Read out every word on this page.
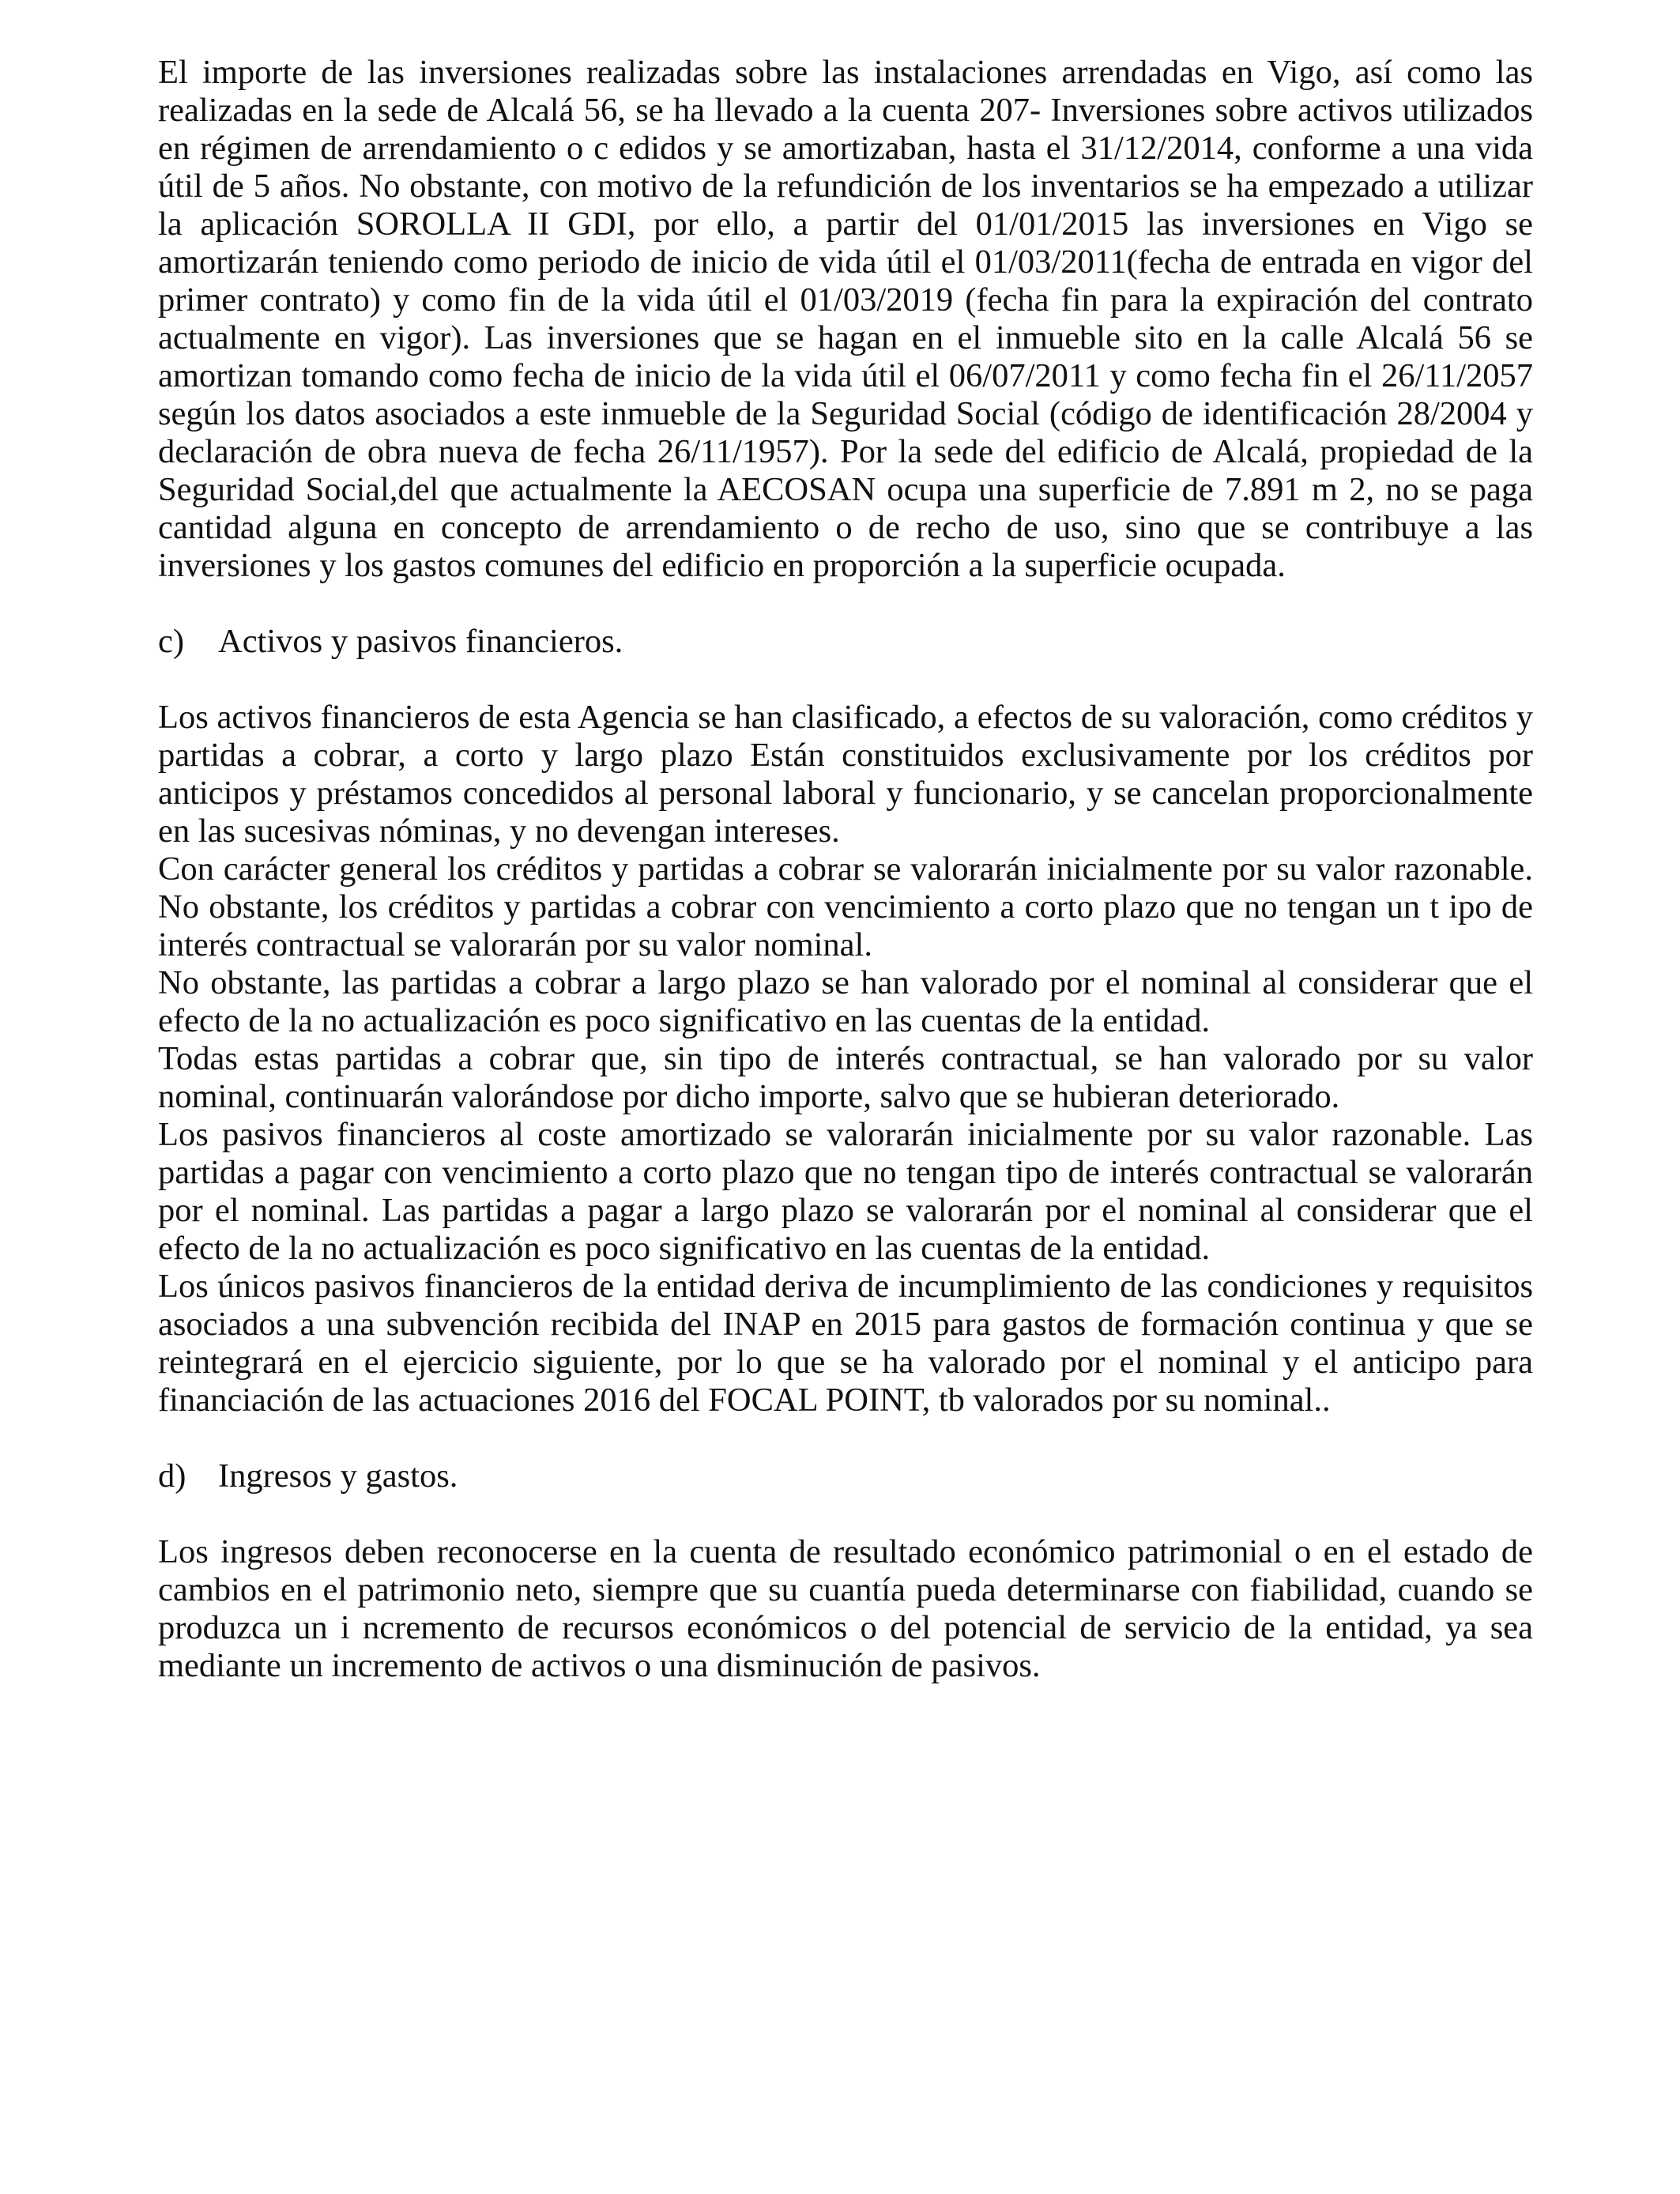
El importe de las inversiones realizadas sobre las instalaciones arrendadas en Vigo, así como las realizadas en la sede de Alcalá 56, se ha llevado a la cuenta 207- Inversiones sobre activos utilizados en régimen de arrendamiento o c edidos y se amortizaban, hasta el 31/12/2014, conforme a una vida útil de 5 años. No obstante, con motivo de la refundición de los inventarios se ha empezado a utilizar la aplicación SOROLLA II GDI, por ello, a partir del 01/01/2015 las inversiones en Vigo se amortizarán teniendo como periodo de inicio de vida útil el 01/03/2011(fecha de entrada en vigor del primer contrato) y como fin de la vida útil el 01/03/2019 (fecha fin para la expiración del contrato actualmente en vigor). Las inversiones que se hagan en el inmueble sito en la calle Alcalá 56 se amortizan tomando como fecha de inicio de la vida útil el 06/07/2011 y como fecha fin el 26/11/2057 según los datos asociados a este inmueble de la Seguridad Social (código de identificación 28/2004 y declaración de obra nueva de fecha 26/11/1957). Por la sede del edificio de Alcalá, propiedad de la Seguridad Social,del que actualmente la AECOSAN ocupa una superficie de 7.891 m 2, no se paga cantidad alguna en concepto de arrendamiento o de recho de uso, sino que se contribuye a las inversiones y los gastos comunes del edificio en proporción a la superficie ocupada.

c)	Activos y pasivos financieros.

Los activos financieros de esta Agencia se han clasificado, a efectos de su valoración, como créditos y partidas a cobrar, a corto y largo plazo Están constituidos exclusivamente por los créditos por anticipos y préstamos concedidos al personal laboral y funcionario, y se cancelan proporcionalmente en las sucesivas nóminas, y no devengan intereses.

Con carácter general los créditos y partidas a cobrar se valorarán inicialmente por su valor razonable. No obstante, los créditos y partidas a cobrar con vencimiento a corto plazo que no tengan un t ipo de interés contractual se valorarán por su valor nominal.

No obstante, las partidas a cobrar a largo plazo se han valorado por el nominal al considerar que el efecto de la no actualización es poco significativo en las cuentas de la entidad.

Todas estas partidas a cobrar que, sin tipo de interés contractual, se han valorado por su valor nominal, continuarán valorándose por dicho importe, salvo que se hubieran deteriorado.

Los pasivos financieros al coste amortizado se valorarán inicialmente por su valor razonable. Las partidas a pagar con vencimiento a corto plazo que no tengan tipo de interés contractual se valorarán por el nominal. Las partidas a pagar a largo plazo se valorarán por el nominal al considerar que el efecto de la no actualización es poco significativo en las cuentas de la entidad.

Los únicos pasivos financieros de la entidad deriva de incumplimiento de las condiciones y requisitos asociados a una subvención recibida del INAP en 2015 para gastos de formación continua y que se reintegrará en el ejercicio siguiente, por lo que se ha valorado por el nominal y el anticipo para financiación de las actuaciones 2016 del FOCAL POINT, tb valorados por su nominal..

d) Ingresos y gastos.

Los ingresos deben reconocerse en la cuenta de resultado económico patrimonial o en el estado de cambios en el patrimonio neto, siempre que su cuantía pueda determinarse con fiabilidad, cuando se produzca un i ncremento de recursos económicos o del potencial de servicio de la entidad, ya sea mediante un incremento de activos o una disminución de pasivos.
